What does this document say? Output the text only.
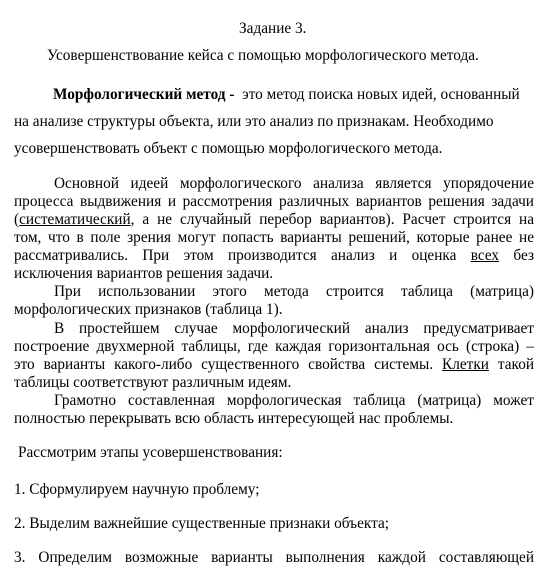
Задание 3.
Усовершенствование кейса с помощью морфологического метода.
Морфологический метод - это метод поиска новых идей, основанный
на анализе структуры объекта, или это анализ по признакам. Необходимо
усовершенствовать объект с помощью морфологического метода.
Основной идеей морфологического анализа является упорядочение
процесса выдвижения и рассмотрения различных вариантов решения задачи
(систематический, а не случайный перебор вариантов). Расчет строится на
том, что в поле зрения могут попасть варианты решений, которые ранее не
рассматривались. При этом производится анализ и оценка всех без
исключения вариантов решения задачи.
При использовании этого метода строится таблица (матрица)
морфологических признаков (таблица 1).
В простейшем случае морфологический анализ предусматривает
построение двухмерной таблицы, где каждая горизонтальная ось (строка) –
это варианты какого-либо существенного свойства системы. Клетки такой
таблицы соответствуют различным идеям.
Грамотно составленная морфологическая таблица (матрица) может
полностью перекрывать всю область интересующей нас проблемы.
Рассмотрим этапы усовершенствования:
1. Сформулируем научную проблему;
2. Выделим важнейшие существенные признаки объекта;
3. Определим возможные варианты выполнения каждой составляющей
